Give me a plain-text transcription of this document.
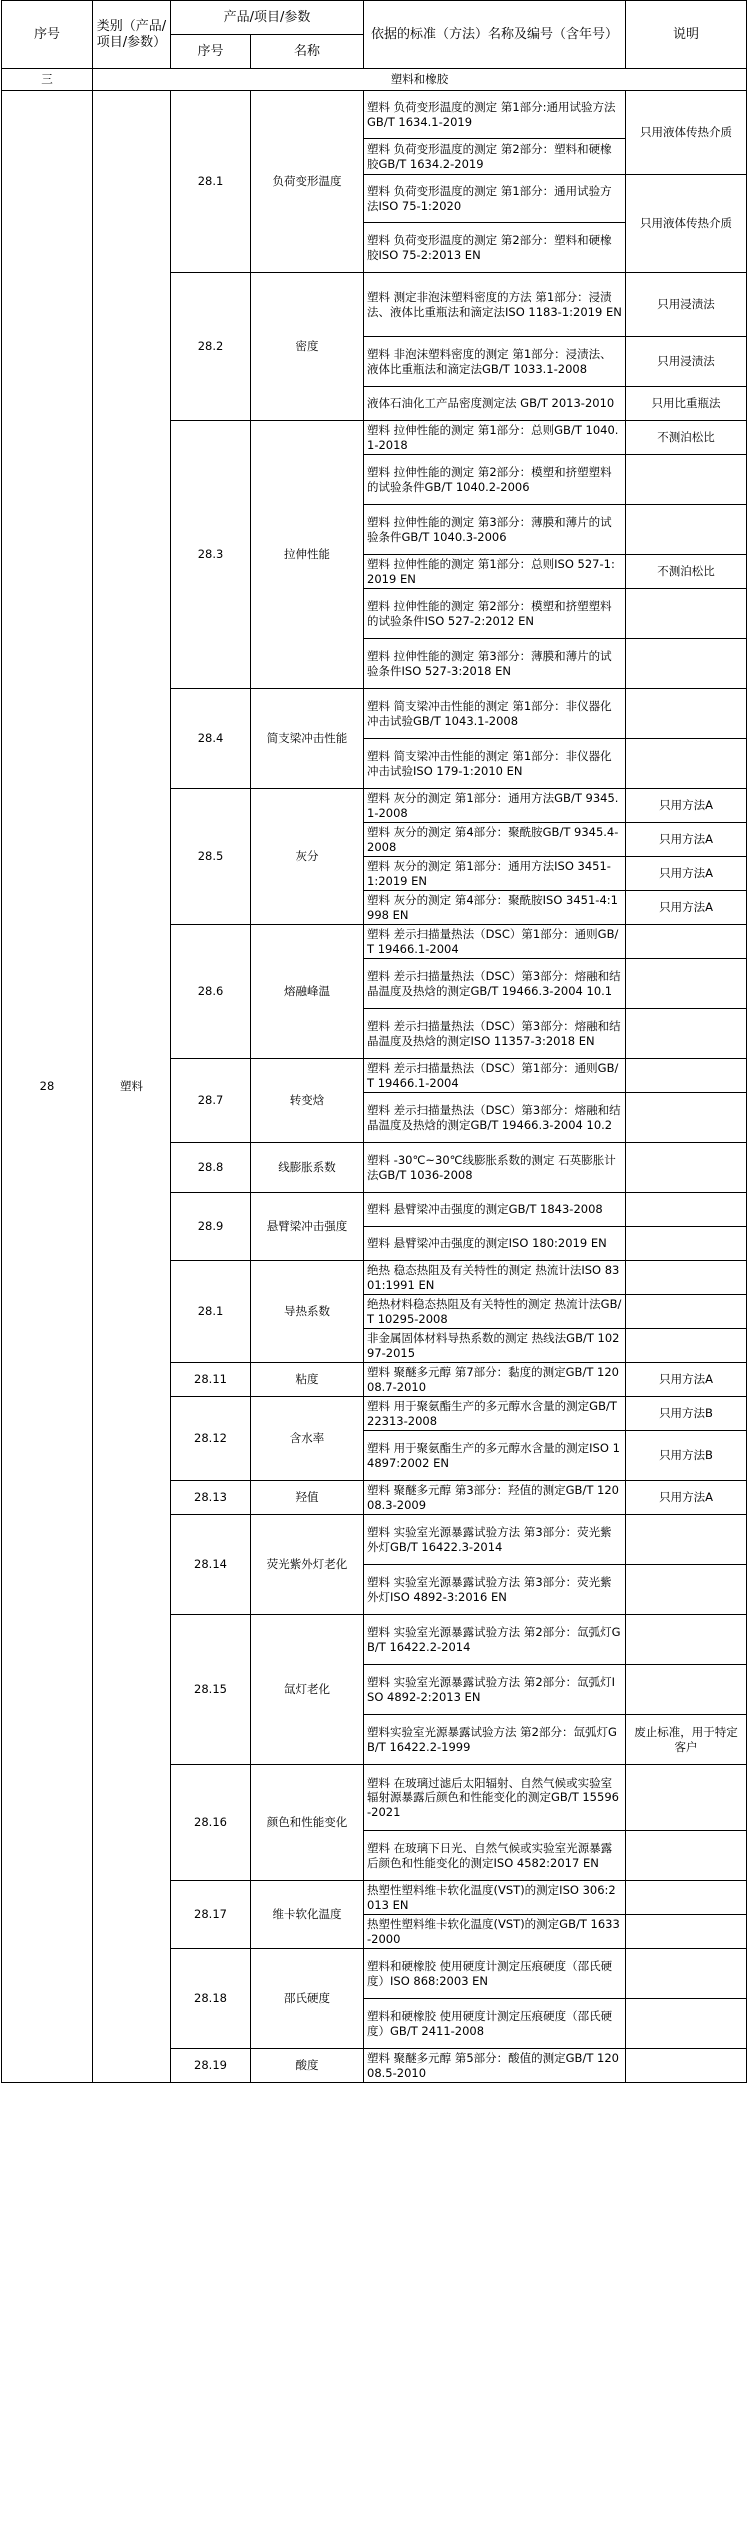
序号	类别（产品/项目/参数）	产品/项目/参数		依据的标准（方法）名称及编号（含年号）	说明
		序号	名称		
三	塑料和橡胶				
28	塑料	28.1	负荷变形温度	塑料 负荷变形温度的测定 第1部分:通用试验方法GB/T 1634.1-2019	只用液体传热介质
				塑料 负荷变形温度的测定 第2部分：塑料和硬橡胶GB/T 1634.2-2019	
				塑料 负荷变形温度的测定 第1部分：通用试验方法ISO 75-1:2020	只用液体传热介质
				塑料 负荷变形温度的测定 第2部分：塑料和硬橡胶ISO 75-2:2013 EN	
		28.2	密度	塑料 测定非泡沫塑料密度的方法 第1部分：浸渍法、液体比重瓶法和滴定法ISO 1183-1:2019 EN	只用浸渍法
				塑料 非泡沫塑料密度的测定 第1部分：浸渍法、液体比重瓶法和滴定法GB/T 1033.1-2008	只用浸渍法
				液体石油化工产品密度测定法 GB/T 2013-2010	只用比重瓶法
		28.3	拉伸性能	塑料 拉伸性能的测定 第1部分：总则GB/T 1040.1-2018	不测泊松比
				塑料 拉伸性能的测定 第2部分：模塑和挤塑塑料的试验条件GB/T 1040.2-2006	
				塑料 拉伸性能的测定 第3部分：薄膜和薄片的试验条件GB/T 1040.3-2006	
				塑料 拉伸性能的测定 第1部分：总则ISO 527-1:2019 EN	不测泊松比
				塑料 拉伸性能的测定 第2部分：模塑和挤塑塑料的试验条件ISO 527-2:2012 EN	
				塑料 拉伸性能的测定 第3部分：薄膜和薄片的试验条件ISO 527-3:2018 EN	
		28.4	简支梁冲击性能	塑料 简支梁冲击性能的测定 第1部分：非仪器化冲击试验GB/T 1043.1-2008	
				塑料 简支梁冲击性能的测定 第1部分：非仪器化冲击试验ISO 179-1:2010 EN	
		28.5	灰分	塑料 灰分的测定 第1部分：通用方法GB/T 9345.1-2008	只用方法A
				塑料 灰分的测定 第4部分：聚酰胺GB/T 9345.4-2008	只用方法A
				塑料 灰分的测定 第1部分：通用方法ISO 3451-1:2019 EN	只用方法A
				塑料 灰分的测定 第4部分：聚酰胺ISO 3451-4:1998 EN	只用方法A
		28.6	熔融峰温	塑料 差示扫描量热法（DSC）第1部分：通则GB/T 19466.1-2004	
				塑料 差示扫描量热法（DSC）第3部分：熔融和结晶温度及热焓的测定GB/T 19466.3-2004 10.1	
				塑料 差示扫描量热法（DSC）第3部分：熔融和结晶温度及热焓的测定ISO 11357-3:2018 EN	
		28.7	转变焓	塑料 差示扫描量热法（DSC）第1部分：通则GB/T 19466.1-2004	
				塑料 差示扫描量热法（DSC）第3部分：熔融和结晶温度及热焓的测定GB/T 19466.3-2004 10.2	
		28.8	线膨胀系数	塑料 -30℃~30℃线膨胀系数的测定 石英膨胀计法GB/T 1036-2008	
		28.9	悬臂梁冲击强度	塑料 悬臂梁冲击强度的测定GB/T 1843-2008	
				塑料 悬臂梁冲击强度的测定ISO 180:2019 EN	
		28.1	导热系数	绝热 稳态热阻及有关特性的测定 热流计法ISO 8301:1991 EN	
				绝热材料稳态热阻及有关特性的测定 热流计法GB/T 10295-2008	
				非金属固体材料导热系数的测定 热线法GB/T 10297-2015	
		28.11	粘度	塑料 聚醚多元醇 第7部分：黏度的测定GB/T 12008.7-2010	只用方法A
		28.12	含水率	塑料 用于聚氨酯生产的多元醇水含量的测定GB/T 22313-2008	只用方法B
				塑料 用于聚氨酯生产的多元醇水含量的测定ISO 14897:2002 EN	只用方法B
		28.13	羟值	塑料 聚醚多元醇 第3部分：羟值的测定GB/T 12008.3-2009	只用方法A
		28.14	荧光紫外灯老化	塑料 实验室光源暴露试验方法 第3部分：荧光紫外灯GB/T 16422.3-2014	
				塑料 实验室光源暴露试验方法 第3部分：荧光紫外灯ISO 4892-3:2016 EN	
		28.15	氙灯老化	塑料 实验室光源暴露试验方法 第2部分：氙弧灯GB/T 16422.2-2014	
				塑料 实验室光源暴露试验方法 第2部分：氙弧灯ISO 4892-2:2013 EN	
				塑料实验室光源暴露试验方法 第2部分：氙弧灯GB/T 16422.2-1999	废止标准，用于特定客户
		28.16	颜色和性能变化	塑料 在玻璃过滤后太阳辐射、自然气候或实验室辐射源暴露后颜色和性能变化的测定GB/T 15596-2021	
				塑料 在玻璃下日光、自然气候或实验室光源暴露后颜色和性能变化的测定ISO 4582:2017 EN	
		28.17	维卡软化温度	热塑性塑料维卡软化温度(VST)的测定ISO 306:2013 EN	
				热塑性塑料维卡软化温度(VST)的测定GB/T 1633-2000	
		28.18	邵氏硬度	塑料和硬橡胶 使用硬度计测定压痕硬度（邵氏硬度）ISO 868:2003 EN	
				塑料和硬橡胶 使用硬度计测定压痕硬度（邵氏硬度）GB/T 2411-2008	
		28.19	酸度	塑料 聚醚多元醇 第5部分：酸值的测定GB/T 12008.5-2010	
